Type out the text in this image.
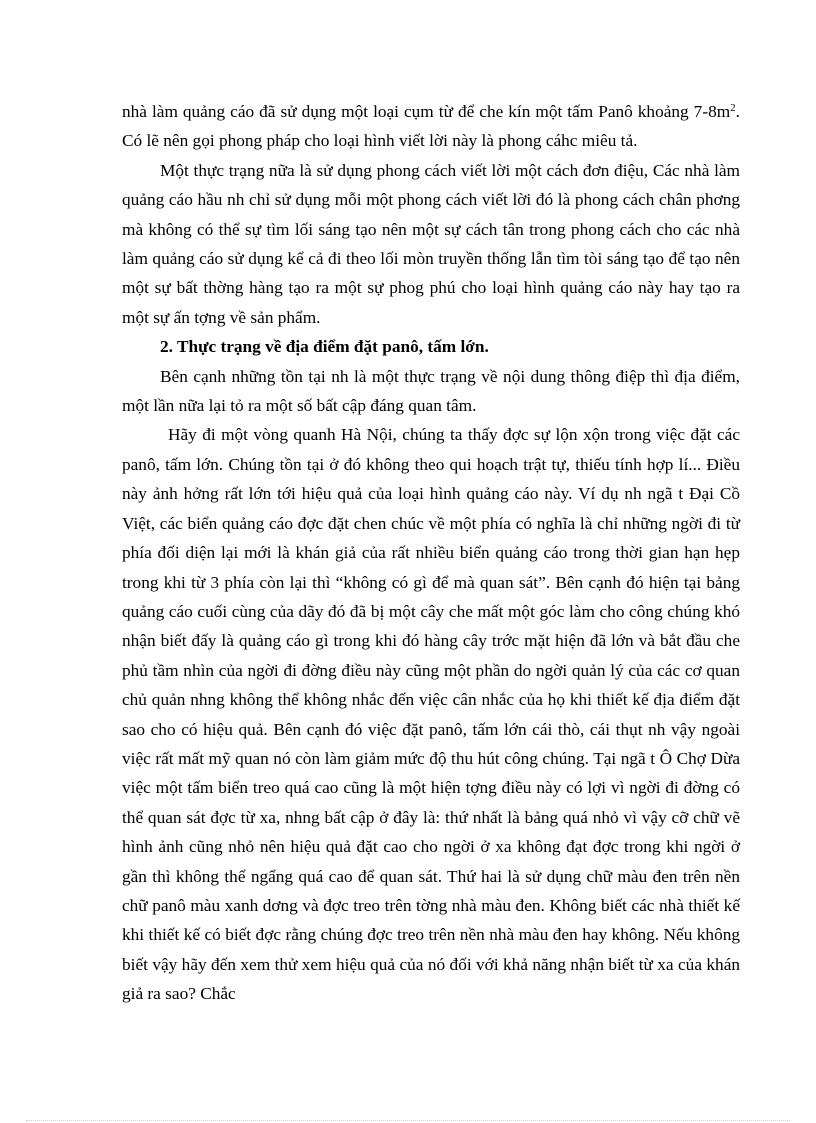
nhà làm quảng cáo đã sử dụng một loại cụm từ để che kín một tấm Panô khoảng $7-8m^2$. Có lẽ nên gọi phong pháp cho loại hình viết lời này là phong cáhc miêu tả.

Một thực trạng nữa là sử dụng phong cách viết lời một cách đơn điệu, Các nhà làm quảng cáo hầu nh chỉ sử dụng mỗi một phong cách viết lời đó là phong cách chân phơng mà không có thể sự tìm lối sáng tạo nên một sự cách tân trong phong cách cho các nhà làm quảng cáo sử dụng kể cả đi theo lối mòn truyền thống lẫn tìm tòi sáng tạo để tạo nên một sự bất thờng hàng tạo ra một sự phog phú cho loại hình quảng cáo này hay tạo ra một sự ấn tợng về sản phẩm.

2. Thực trạng về địa điểm đặt panô, tấm lớn.

Bên cạnh những tồn tại nh là một thực trạng về nội dung thông điệp thì địa điểm, một lần nữa lại tỏ ra một số bất cập đáng quan tâm.

Hãy đi một vòng quanh Hà Nội, chúng ta thấy đợc sự lộn xộn trong việc đặt các panô, tấm lớn. Chúng tồn tại ở đó không theo qui hoạch trật tự, thiếu tính hợp lí... Điều này ảnh hởng rất lớn tới hiệu quả của loại hình quảng cáo này. Ví dụ nh ngã t Đại Cồ Việt, các biển quảng cáo đợc đặt chen chúc về một phía có nghĩa là chỉ những ngời đi từ phía đối diện lại mới là khán giả của rất nhiều biển quảng cáo trong thời gian hạn hẹp trong khi từ 3 phía còn lại thì “không có gì để mà quan sát”. Bên cạnh đó hiện tại bảng quảng cáo cuối cùng của dãy đó đã bị một cây che mất một góc làm cho công chúng khó nhận biết đấy là quảng cáo gì trong khi đó hàng cây trớc mặt hiện đã lớn và bắt đầu che phủ tầm nhìn của ngời đi đờng điều này cũng một phần do ngời quản lý của các cơ quan chủ quản nhng không thể không nhắc đến việc cân nhắc của họ khi thiết kế địa điểm đặt sao cho có hiệu quả. Bên cạnh đó việc đặt panô, tấm lớn cái thò, cái thụt nh vậy ngoài việc rất mất mỹ quan nó còn làm giảm mức độ thu hút công chúng. Tại ngã t Ô Chợ Dừa việc một tấm biển treo quá cao cũng là một hiện tợng điều này có lợi vì ngời đi đờng có thể quan sát đợc từ xa, nhng bất cập ở đây là: thứ nhất là bảng quá nhỏ vì vậy cỡ chữ vẽ hình ảnh cũng nhỏ nên hiệu quả đặt cao cho ngời ở xa không đạt đợc trong khi ngời ở gần thì không thể ngẩng quá cao để quan sát. Thứ hai là sử dụng chữ màu đen trên nền chữ panô màu xanh dơng và đợc treo trên tờng nhà màu đen. Không biết các nhà thiết kế khi thiết kế có biết đợc rằng chúng đợc treo trên nền nhà màu đen hay không. Nếu không biết vậy hãy đến xem thử xem hiệu quả của nó đối với khả năng nhận biết từ xa của khán giả ra sao? Chắc
